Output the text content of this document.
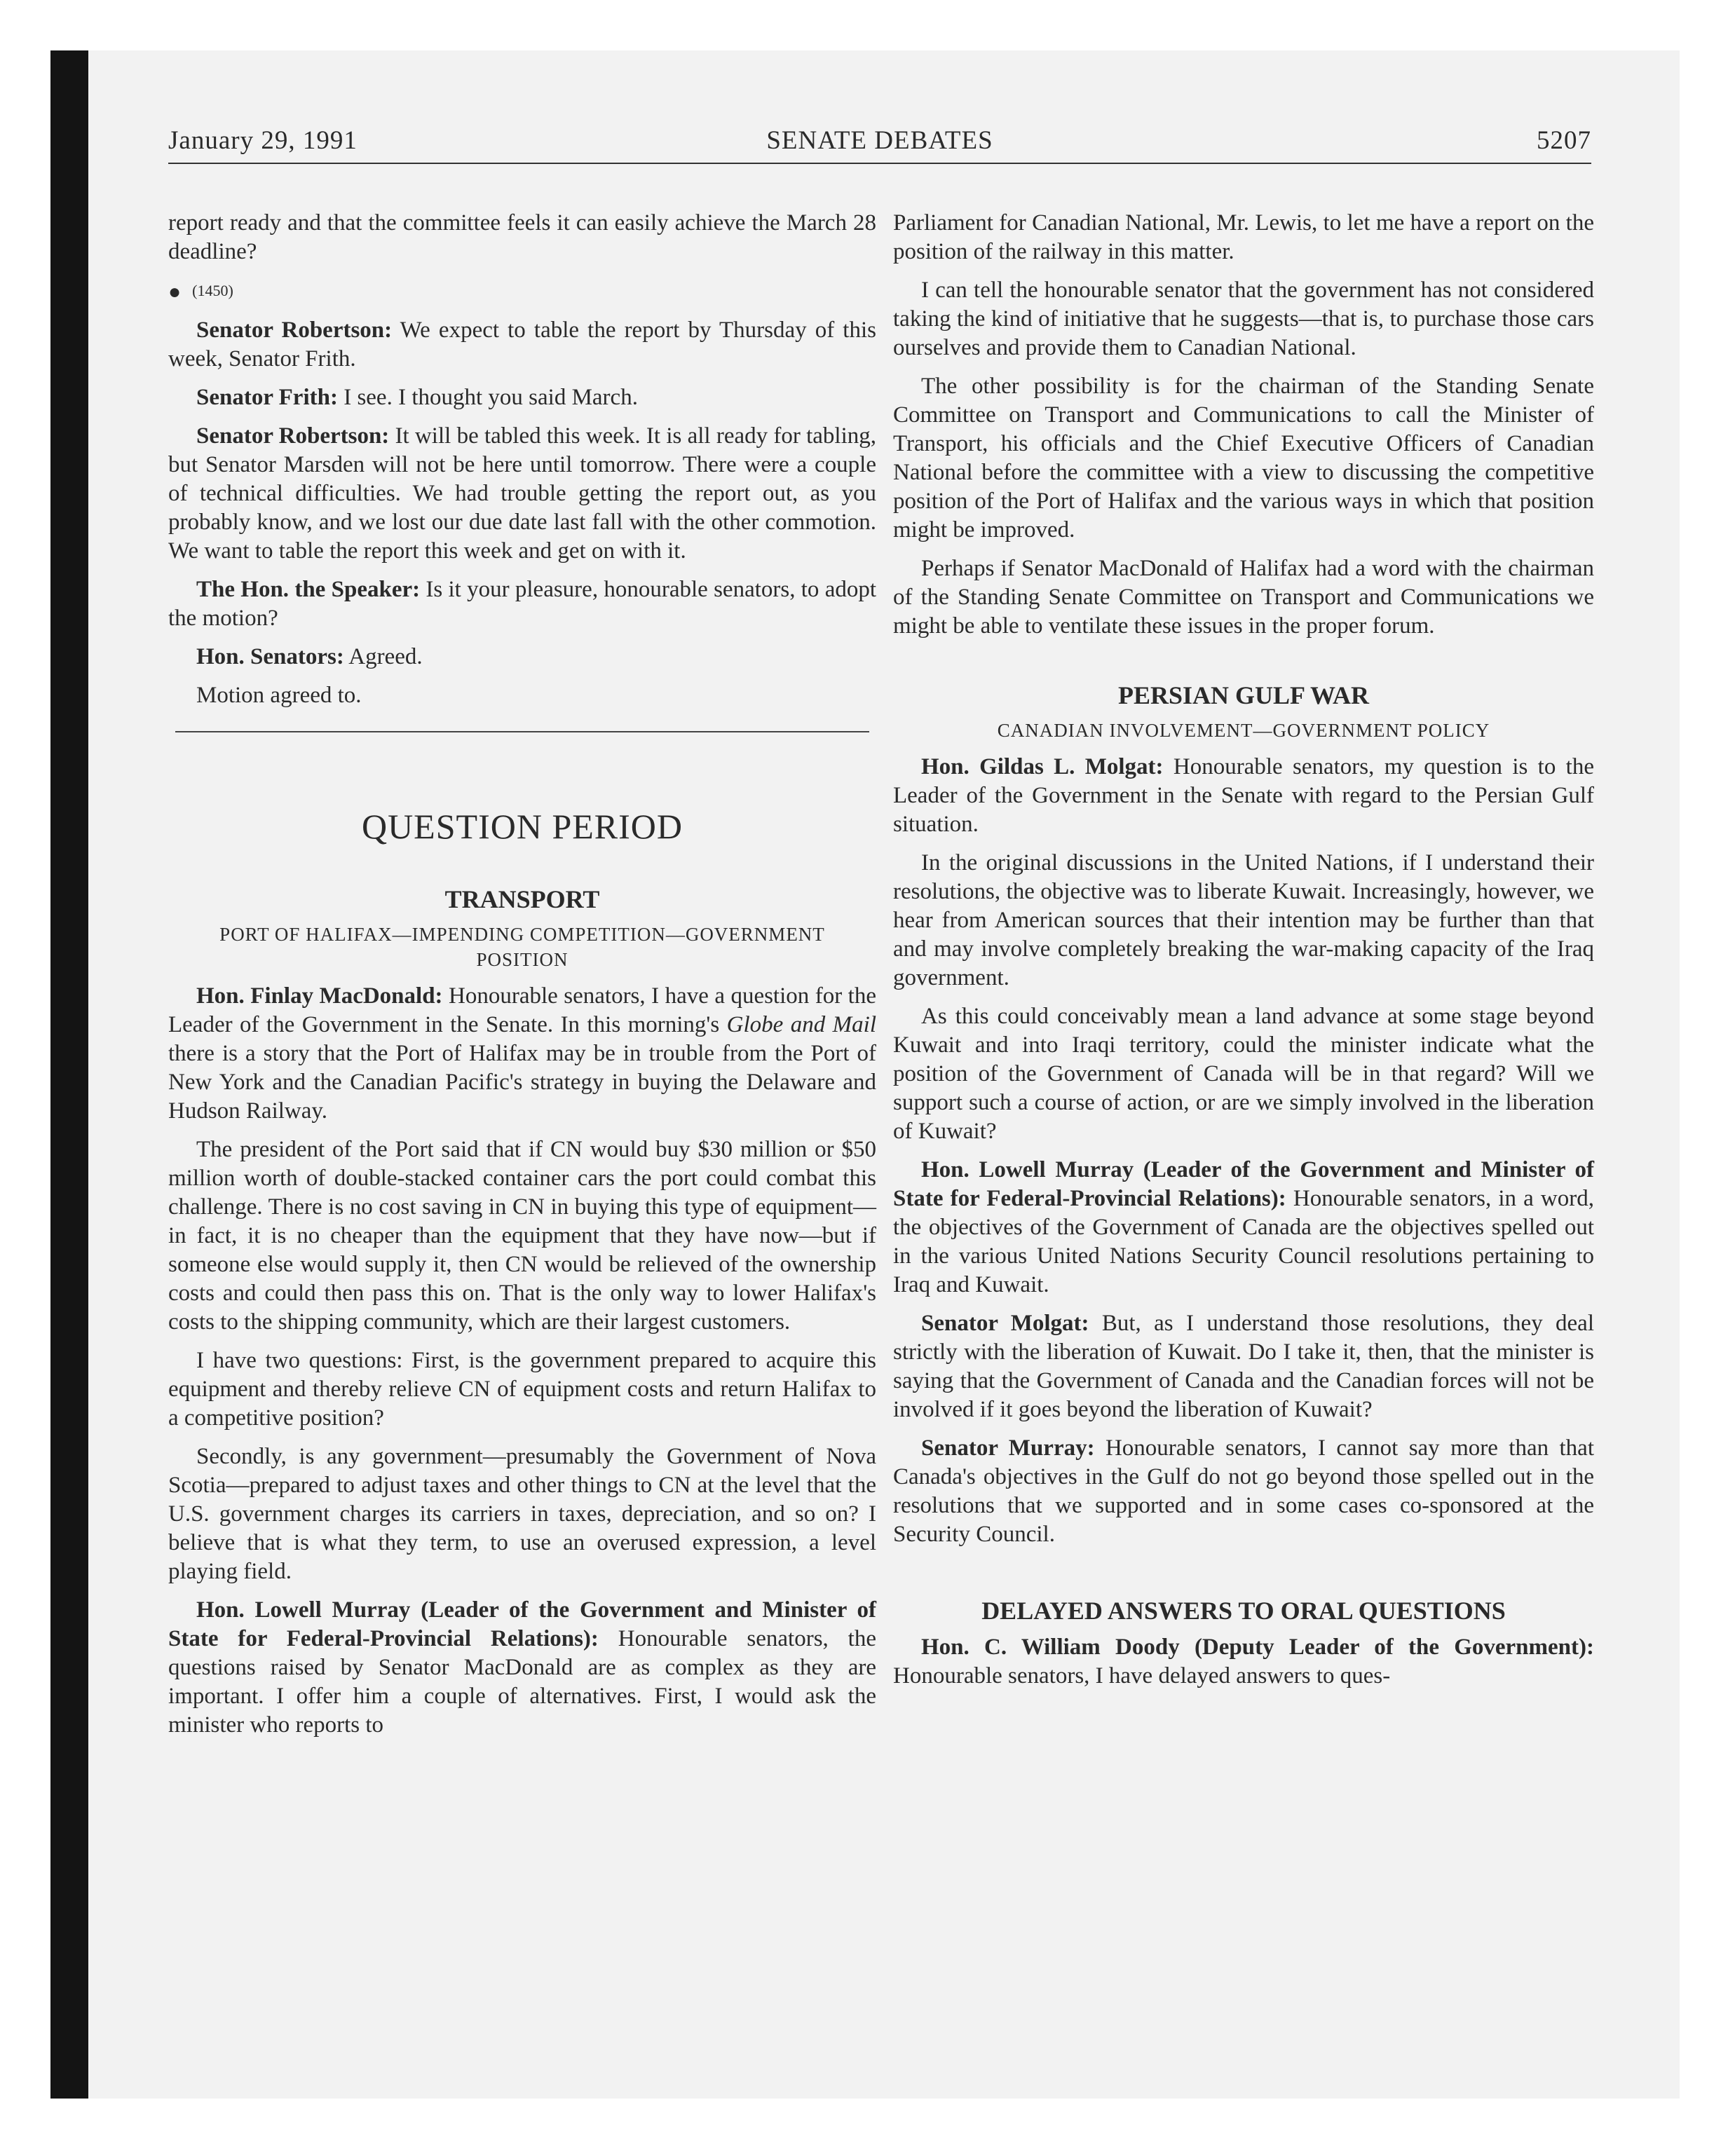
January 29, 1991	SENATE DEBATES	5207

report ready and that the committee feels it can easily achieve the March 28 deadline?

● (1450)

Senator Robertson: We expect to table the report by Thursday of this week, Senator Frith.

Senator Frith: I see. I thought you said March.

Senator Robertson: It will be tabled this week. It is all ready for tabling, but Senator Marsden will not be here until tomorrow. There were a couple of technical difficulties. We had trouble getting the report out, as you probably know, and we lost our due date last fall with the other commotion. We want to table the report this week and get on with it.

The Hon. the Speaker: Is it your pleasure, honourable senators, to adopt the motion?

Hon. Senators: Agreed.

Motion agreed to.

QUESTION PERIOD
TRANSPORT
PORT OF HALIFAX—IMPENDING COMPETITION—GOVERNMENT POSITION

Hon. Finlay MacDonald: Honourable senators, I have a question for the Leader of the Government in the Senate. In this morning's Globe and Mail there is a story that the Port of Halifax may be in trouble from the Port of New York and the Canadian Pacific's strategy in buying the Delaware and Hudson Railway.

The president of the Port said that if CN would buy $30 million or $50 million worth of double-stacked container cars the port could combat this challenge. There is no cost saving in CN in buying this type of equipment—in fact, it is no cheaper than the equipment that they have now—but if someone else would supply it, then CN would be relieved of the ownership costs and could then pass this on. That is the only way to lower Halifax's costs to the shipping community, which are their largest customers.

I have two questions: First, is the government prepared to acquire this equipment and thereby relieve CN of equipment costs and return Halifax to a competitive position?

Secondly, is any government—presumably the Government of Nova Scotia—prepared to adjust taxes and other things to CN at the level that the U.S. government charges its carriers in taxes, depreciation, and so on? I believe that is what they term, to use an overused expression, a level playing field.

Hon. Lowell Murray (Leader of the Government and Minister of State for Federal-Provincial Relations): Honourable senators, the questions raised by Senator MacDonald are as complex as they are important. I offer him a couple of alternatives. First, I would ask the minister who reports to

Parliament for Canadian National, Mr. Lewis, to let me have a report on the position of the railway in this matter.

I can tell the honourable senator that the government has not considered taking the kind of initiative that he suggests—that is, to purchase those cars ourselves and provide them to Canadian National.

The other possibility is for the chairman of the Standing Senate Committee on Transport and Communications to call the Minister of Transport, his officials and the Chief Executive Officers of Canadian National before the committee with a view to discussing the competitive position of the Port of Halifax and the various ways in which that position might be improved.

Perhaps if Senator MacDonald of Halifax had a word with the chairman of the Standing Senate Committee on Transport and Communications we might be able to ventilate these issues in the proper forum.

PERSIAN GULF WAR
CANADIAN INVOLVEMENT—GOVERNMENT POLICY

Hon. Gildas L. Molgat: Honourable senators, my question is to the Leader of the Government in the Senate with regard to the Persian Gulf situation.

In the original discussions in the United Nations, if I understand their resolutions, the objective was to liberate Kuwait. Increasingly, however, we hear from American sources that their intention may be further than that and may involve completely breaking the war-making capacity of the Iraq government.

As this could conceivably mean a land advance at some stage beyond Kuwait and into Iraqi territory, could the minister indicate what the position of the Government of Canada will be in that regard? Will we support such a course of action, or are we simply involved in the liberation of Kuwait?

Hon. Lowell Murray (Leader of the Government and Minister of State for Federal-Provincial Relations): Honourable senators, in a word, the objectives of the Government of Canada are the objectives spelled out in the various United Nations Security Council resolutions pertaining to Iraq and Kuwait.

Senator Molgat: But, as I understand those resolutions, they deal strictly with the liberation of Kuwait. Do I take it, then, that the minister is saying that the Government of Canada and the Canadian forces will not be involved if it goes beyond the liberation of Kuwait?

Senator Murray: Honourable senators, I cannot say more than that Canada's objectives in the Gulf do not go beyond those spelled out in the resolutions that we supported and in some cases co-sponsored at the Security Council.

DELAYED ANSWERS TO ORAL QUESTIONS

Hon. C. William Doody (Deputy Leader of the Government): Honourable senators, I have delayed answers to ques-
